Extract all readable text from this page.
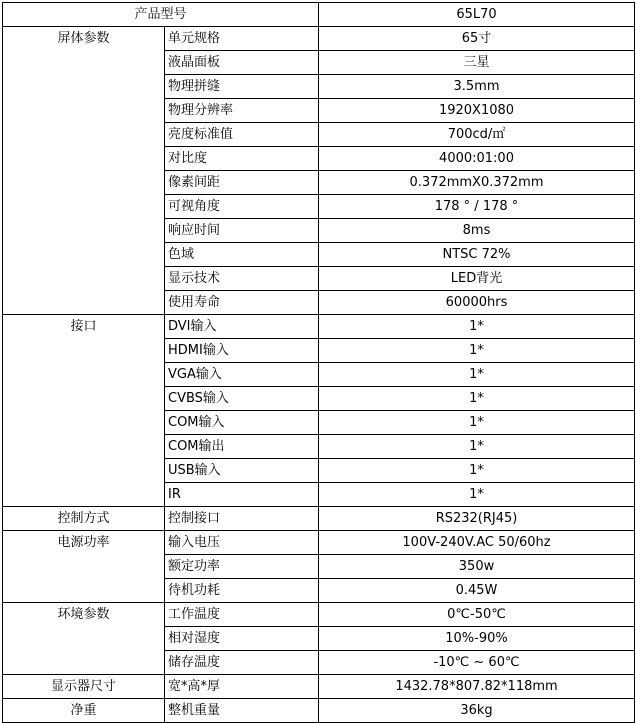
产品型号		65L70
屏体参数	单元规格	65寸
	液晶面板	三星
	物理拼缝	3.5mm
	物理分辨率	1920X1080
	亮度标准值	700cd/㎡
	对比度	4000:01:00
	像素间距	0.372mmX0.372mm
	可视角度	178 ° / 178 °
	响应时间	8ms
	色域	NTSC 72%
	显示技术	LED背光
	使用寿命	60000hrs
接口	DVI输入	1*
	HDMI输入	1*
	VGA输入	1*
	CVBS输入	1*
	COM输入	1*
	COM输出	1*
	USB输入	1*
	IR	1*
控制方式	控制接口	RS232(RJ45)
电源功率	输入电压	100V-240V.AC 50/60hz
	额定功率	350w
	待机功耗	0.45W
环境参数	工作温度	0℃-50℃
	相对湿度	10%-90%
	储存温度	-10℃ ~ 60℃
显示器尺寸	宽*高*厚	1432.78*807.82*118mm
净重	整机重量	36kg
